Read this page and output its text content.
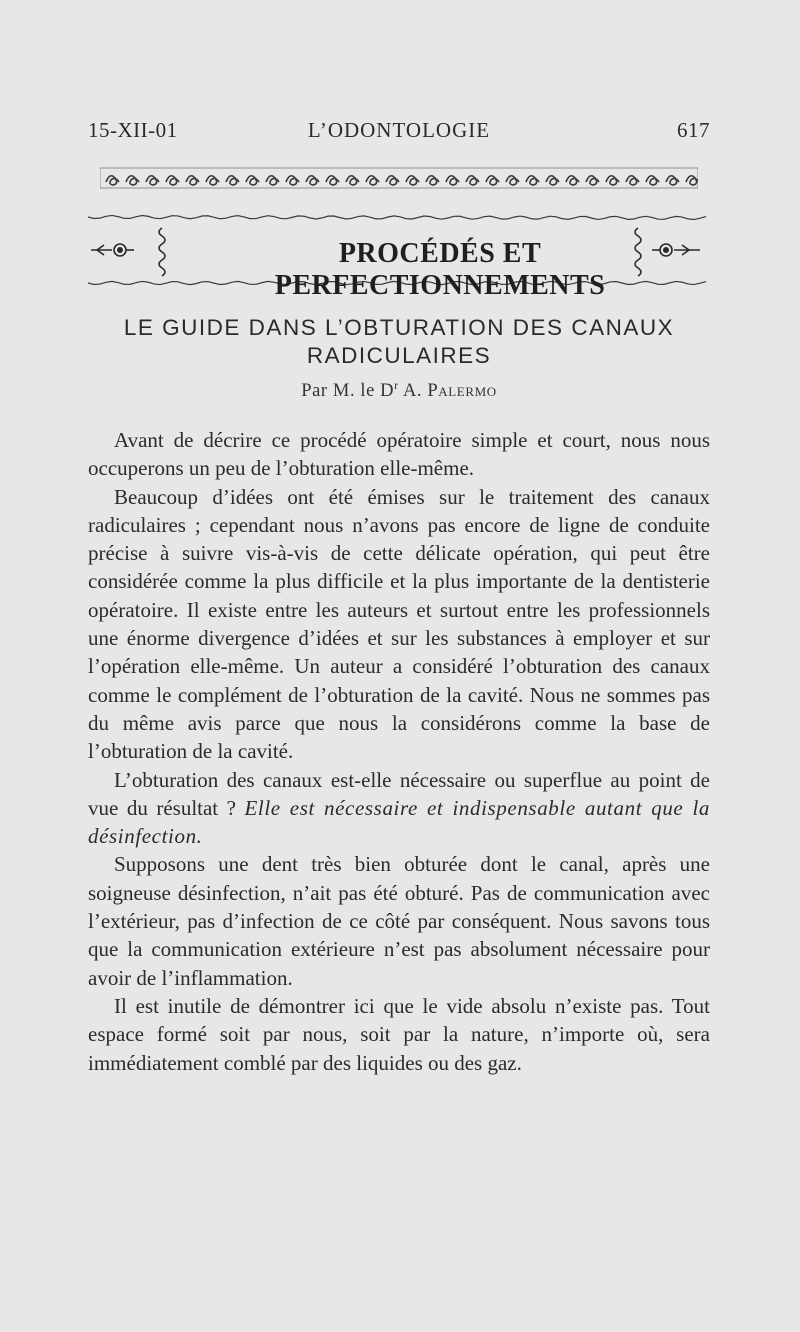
15-XII-01	L’ODONTOLOGIE	617
PROCÉDÉS ET PERFECTIONNEMENTS
LE GUIDE DANS L’OBTURATION DES CANAUX
RADICULAIRES
Par M. le $D^r$ A. Palermo

Avant de décrire ce procédé opératoire simple et court, nous nous occuperons un peu de l’obturation elle-même.

Beaucoup d’idées ont été émises sur le traitement des canaux radiculaires ; cependant nous n’avons pas encore de ligne de conduite précise à suivre vis-à-vis de cette délicate opération, qui peut être considérée comme la plus difficile et la plus importante de la dentisterie opératoire. Il existe entre les auteurs et surtout entre les professionnels une énorme divergence d’idées et sur les substances à employer et sur l’opération elle-même. Un auteur a considéré l’obturation des canaux comme le complément de l’obturation de la cavité. Nous ne sommes pas du même avis parce que nous la considérons comme la base de l’obturation de la cavité.

L’obturation des canaux est-elle nécessaire ou superflue au point de vue du résultat ? Elle est nécessaire et indispensable autant que la désinfection.

Supposons une dent très bien obturée dont le canal, après une soigneuse désinfection, n’ait pas été obturé. Pas de communication avec l’extérieur, pas d’infection de ce côté par conséquent. Nous savons tous que la communication extérieure n’est pas absolument nécessaire pour avoir de l’inflammation.

Il est inutile de démontrer ici que le vide absolu n’existe pas. Tout espace formé soit par nous, soit par la nature, n’importe où, sera immédiatement comblé par des liquides ou des gaz.
